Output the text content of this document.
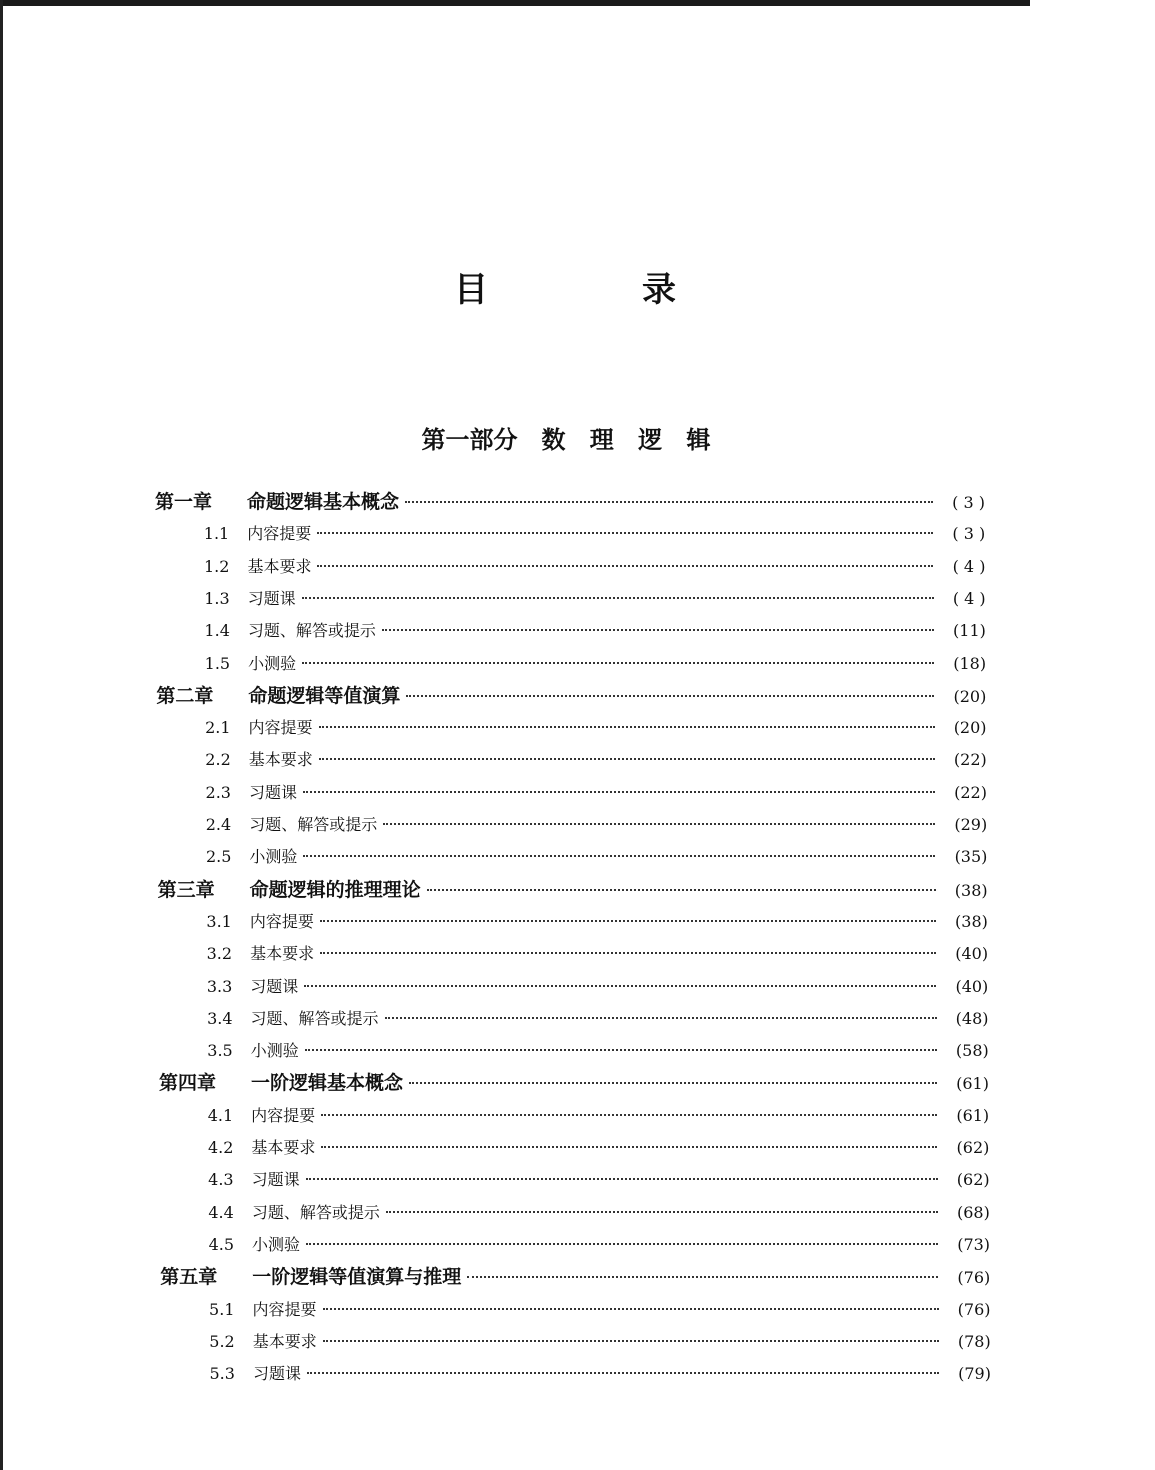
目　录
第一部分 数 理 逻 辑
第一章	命题逻辑基本概念	( 3 )
1.1 内容提要	( 3 )
1.2 基本要求	( 4 )
1.3 习题课	( 4 )
1.4 习题、解答或提示	(11)
1.5 小测验	(18)
第二章	命题逻辑等值演算	(20)
2.1 内容提要	(20)
2.2 基本要求	(22)
2.3 习题课	(22)
2.4 习题、解答或提示	(29)
2.5 小测验	(35)
第三章	命题逻辑的推理理论	(38)
3.1 内容提要	(38)
3.2 基本要求	(40)
3.3 习题课	(40)
3.4 习题、解答或提示	(48)
3.5 小测验	(58)
第四章	一阶逻辑基本概念	(61)
4.1 内容提要	(61)
4.2 基本要求	(62)
4.3 习题课	(62)
4.4 习题、解答或提示	(68)
4.5 小测验	(73)
第五章	一阶逻辑等值演算与推理	(76)
5.1 内容提要	(76)
5.2 基本要求	(78)
5.3 习题课	(79)
